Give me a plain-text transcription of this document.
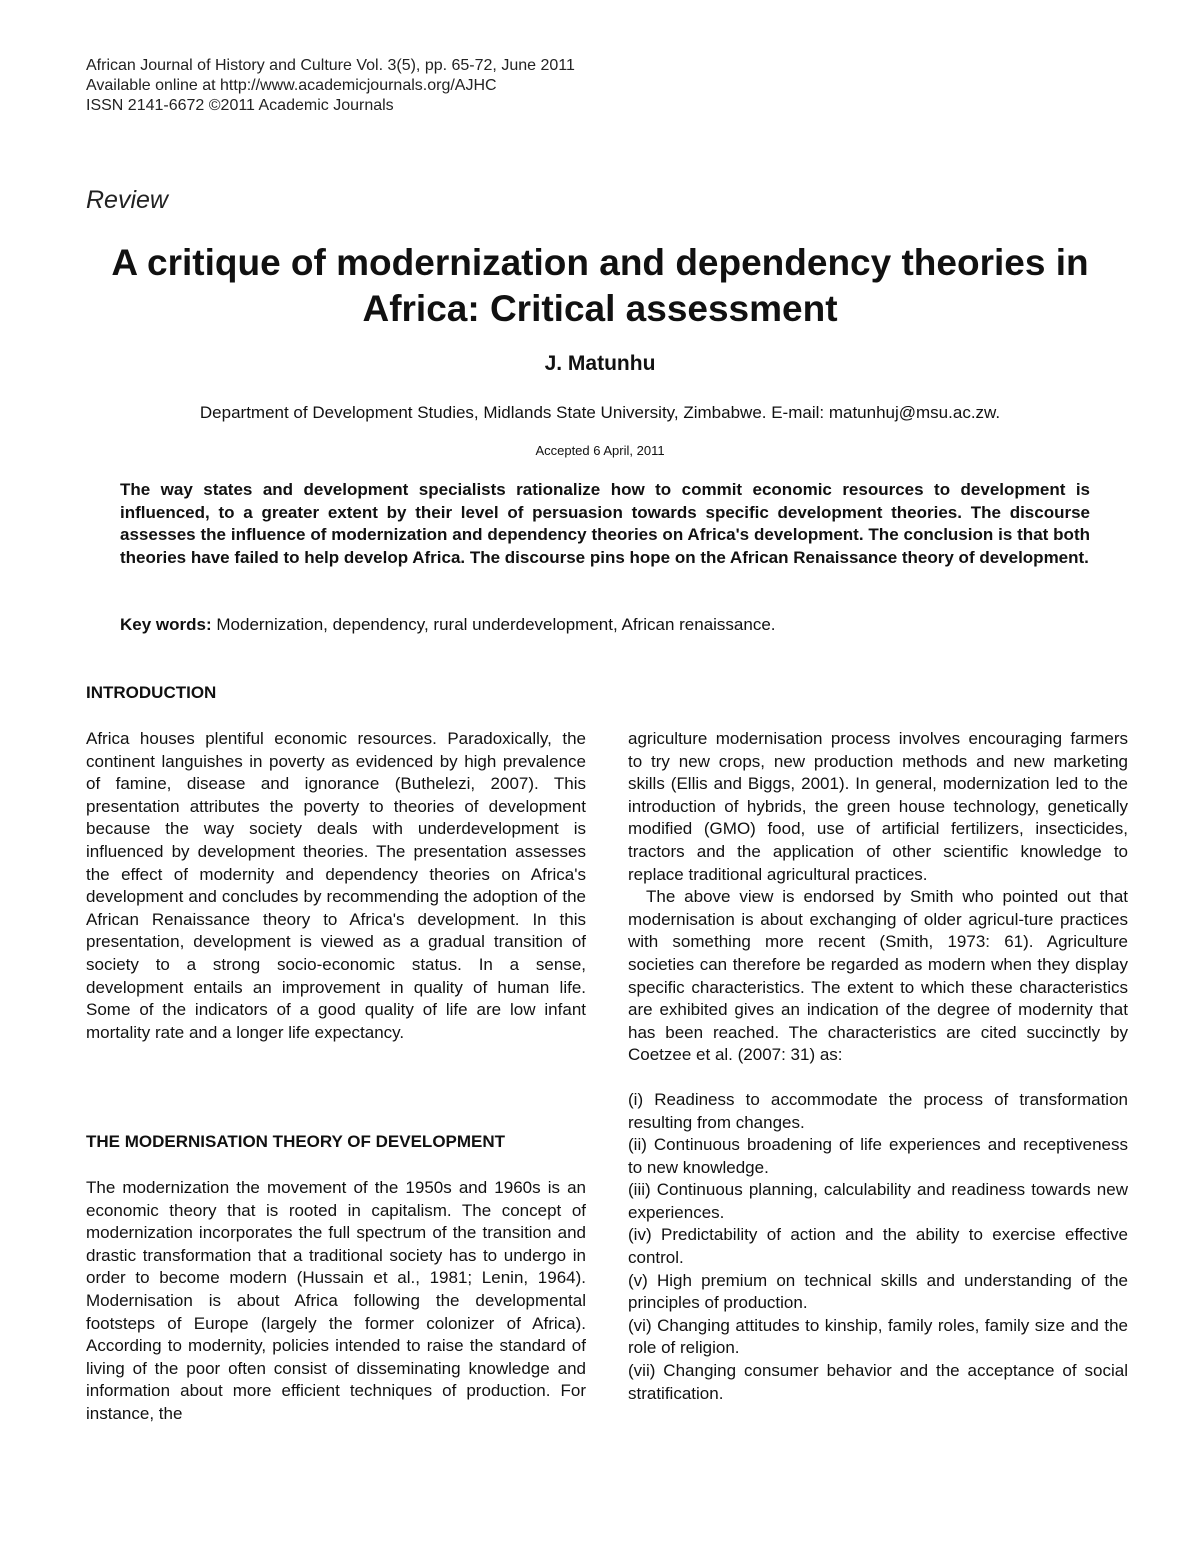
African Journal of History and Culture Vol. 3(5), pp. 65-72, June 2011
Available online at http://www.academicjournals.org/AJHC
ISSN 2141-6672 ©2011 Academic Journals
Review
A critique of modernization and dependency theories in Africa: Critical assessment
J. Matunhu
Department of Development Studies, Midlands State University, Zimbabwe. E-mail: matunhuj@msu.ac.zw.
Accepted 6 April, 2011
The way states and development specialists rationalize how to commit economic resources to development is influenced, to a greater extent by their level of persuasion towards specific development theories. The discourse assesses the influence of modernization and dependency theories on Africa's development. The conclusion is that both theories have failed to help develop Africa. The discourse pins hope on the African Renaissance theory of development.
Key words: Modernization, dependency, rural underdevelopment, African renaissance.
INTRODUCTION

Africa houses plentiful economic resources. Paradoxically, the continent languishes in poverty as evidenced by high prevalence of famine, disease and ignorance (Buthelezi, 2007). This presentation attributes the poverty to theories of development because the way society deals with underdevelopment is influenced by development theories. The presentation assesses the effect of modernity and dependency theories on Africa's development and concludes by recommending the adoption of the African Renaissance theory to Africa's development. In this presentation, development is viewed as a gradual transition of society to a strong socio-economic status. In a sense, development entails an improvement in quality of human life. Some of the indicators of a good quality of life are low infant mortality rate and a longer life expectancy.

THE MODERNISATION THEORY OF DEVELOPMENT

The modernization the movement of the 1950s and 1960s is an economic theory that is rooted in capitalism. The concept of modernization incorporates the full spectrum of the transition and drastic transformation that a traditional society has to undergo in order to become modern (Hussain et al., 1981; Lenin, 1964). Modernisation is about Africa following the developmental footsteps of Europe (largely the former colonizer of Africa). According to modernity, policies intended to raise the standard of living of the poor often consist of disseminating knowledge and information about more efficient techniques of production. For instance, the

agriculture modernisation process involves encouraging farmers to try new crops, new production methods and new marketing skills (Ellis and Biggs, 2001). In general, modernization led to the introduction of hybrids, the green house technology, genetically modified (GMO) food, use of artificial fertilizers, insecticides, tractors and the application of other scientific knowledge to replace traditional agricultural practices.

The above view is endorsed by Smith who pointed out that modernisation is about exchanging of older agricul-ture practices with something more recent (Smith, 1973: 61). Agriculture societies can therefore be regarded as modern when they display specific characteristics. The extent to which these characteristics are exhibited gives an indication of the degree of modernity that has been reached. The characteristics are cited succinctly by Coetzee et al. (2007: 31) as:

(i) Readiness to accommodate the process of transformation resulting from changes.

(ii) Continuous broadening of life experiences and receptiveness to new knowledge.

(iii) Continuous planning, calculability and readiness towards new experiences.

(iv) Predictability of action and the ability to exercise effective control.

(v) High premium on technical skills and understanding of the principles of production.

(vi) Changing attitudes to kinship, family roles, family size and the role of religion.

(vii) Changing consumer behavior and the acceptance of social stratification.
